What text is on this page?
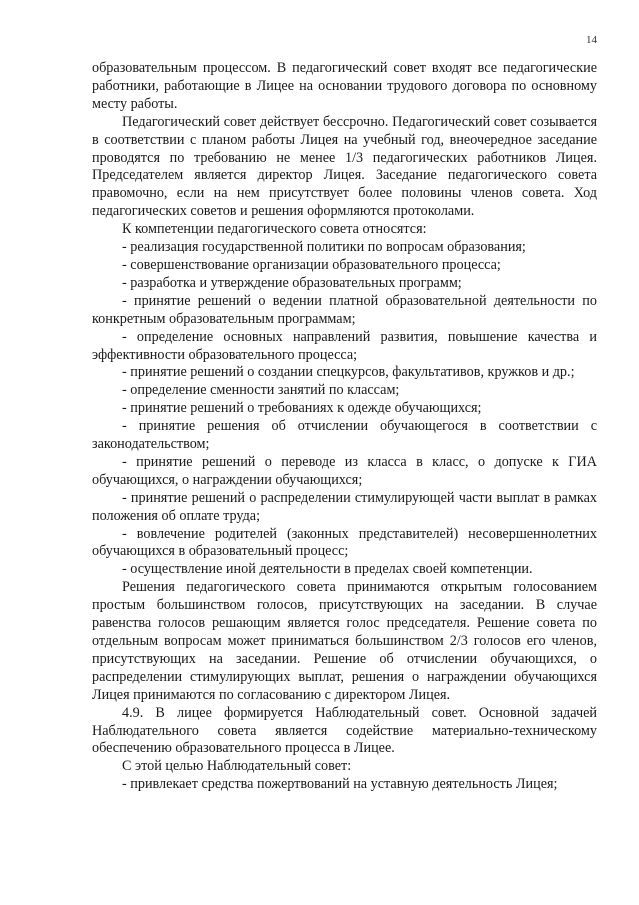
14

образовательным процессом. В педагогический совет входят все педагогические работники, работающие в Лицее на основании трудового договора по основному месту работы.

Педагогический совет действует бессрочно. Педагогический совет созывается в соответствии с планом работы Лицея на учебный год, внеочередное заседание проводятся по требованию не менее 1/3 педагогических работников Лицея. Председателем является директор Лицея. Заседание педагогического совета правомочно, если на нем присутствует более половины членов совета. Ход педагогических советов и решения оформляются протоколами.

К компетенции педагогического совета относятся:

- реализация государственной политики по вопросам образования;

- совершенствование организации образовательного процесса;

- разработка и утверждение образовательных программ;

- принятие решений о ведении платной образовательной деятельности по конкретным образовательным программам;

- определение основных направлений развития, повышение качества и эффективности образовательного процесса;

- принятие решений о создании спецкурсов, факультативов, кружков и др.;

- определение сменности занятий по классам;

- принятие решений о требованиях к одежде обучающихся;

- принятие решения об отчислении обучающегося в соответствии с законодательством;

- принятие решений о переводе из класса в класс, о допуске к ГИА обучающихся, о награждении обучающихся;

- принятие решений о распределении стимулирующей части выплат в рамках положения об оплате труда;

- вовлечение родителей (законных представителей) несовершеннолетних обучающихся в образовательный процесс;

- осуществление иной деятельности в пределах своей компетенции.

Решения педагогического совета принимаются открытым голосованием простым большинством голосов, присутствующих на заседании. В случае равенства голосов решающим является голос председателя. Решение совета по отдельным вопросам может приниматься большинством 2/3 голосов его членов, присутствующих на заседании. Решение об отчислении обучающихся, о распределении стимулирующих выплат, решения о награждении обучающихся Лицея принимаются по согласованию с директором Лицея.

4.9. В лицее формируется Наблюдательный совет. Основной задачей Наблюдательного совета является содействие материально-техническому обеспечению образовательного процесса в Лицее.

С этой целью Наблюдательный совет:

- привлекает средства пожертвований на уставную деятельность Лицея;
